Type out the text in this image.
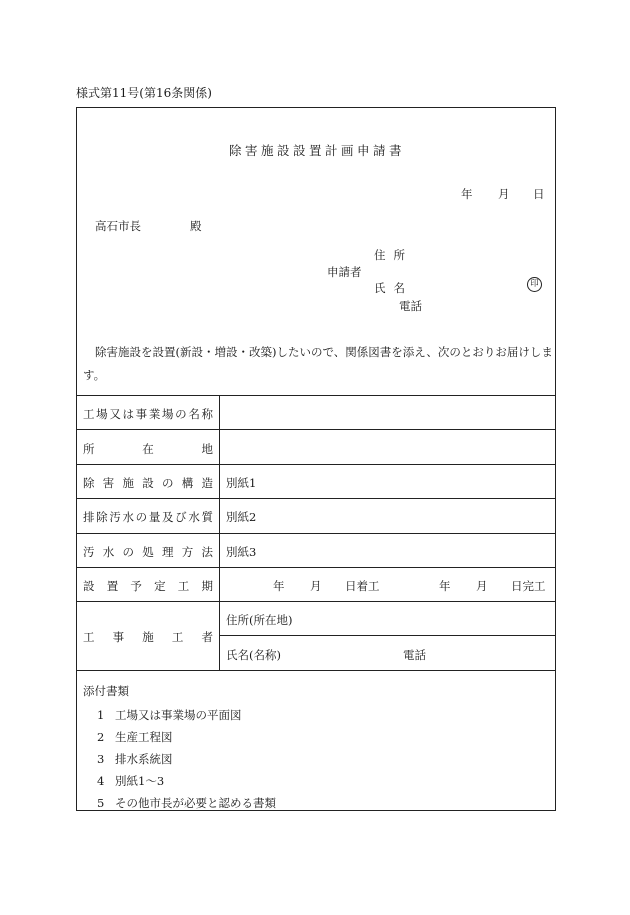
様式第11号(第16条関係)
除害施設設置計画申請書
年 月 日
高石市長	殿
住所
申請者
氏名	印
電話
除害施設を設置(新設・増設・改築)したいので、関係図書を添え、次のとおりお届けします。
工場又は事業場の名称
所在地
除害施設の構造 別紙1
排除汚水の量及び水質 別紙2
汚水の処理方法 別紙3
設置予定工期	年 月 日着工	年 月 日完工
工事施工者
住所(所在地)
氏名(名称)	電話
添付書類
1 工場又は事業場の平面図
2 生産工程図
3 排水系統図
4 別紙1〜3
5 その他市長が必要と認める書類
